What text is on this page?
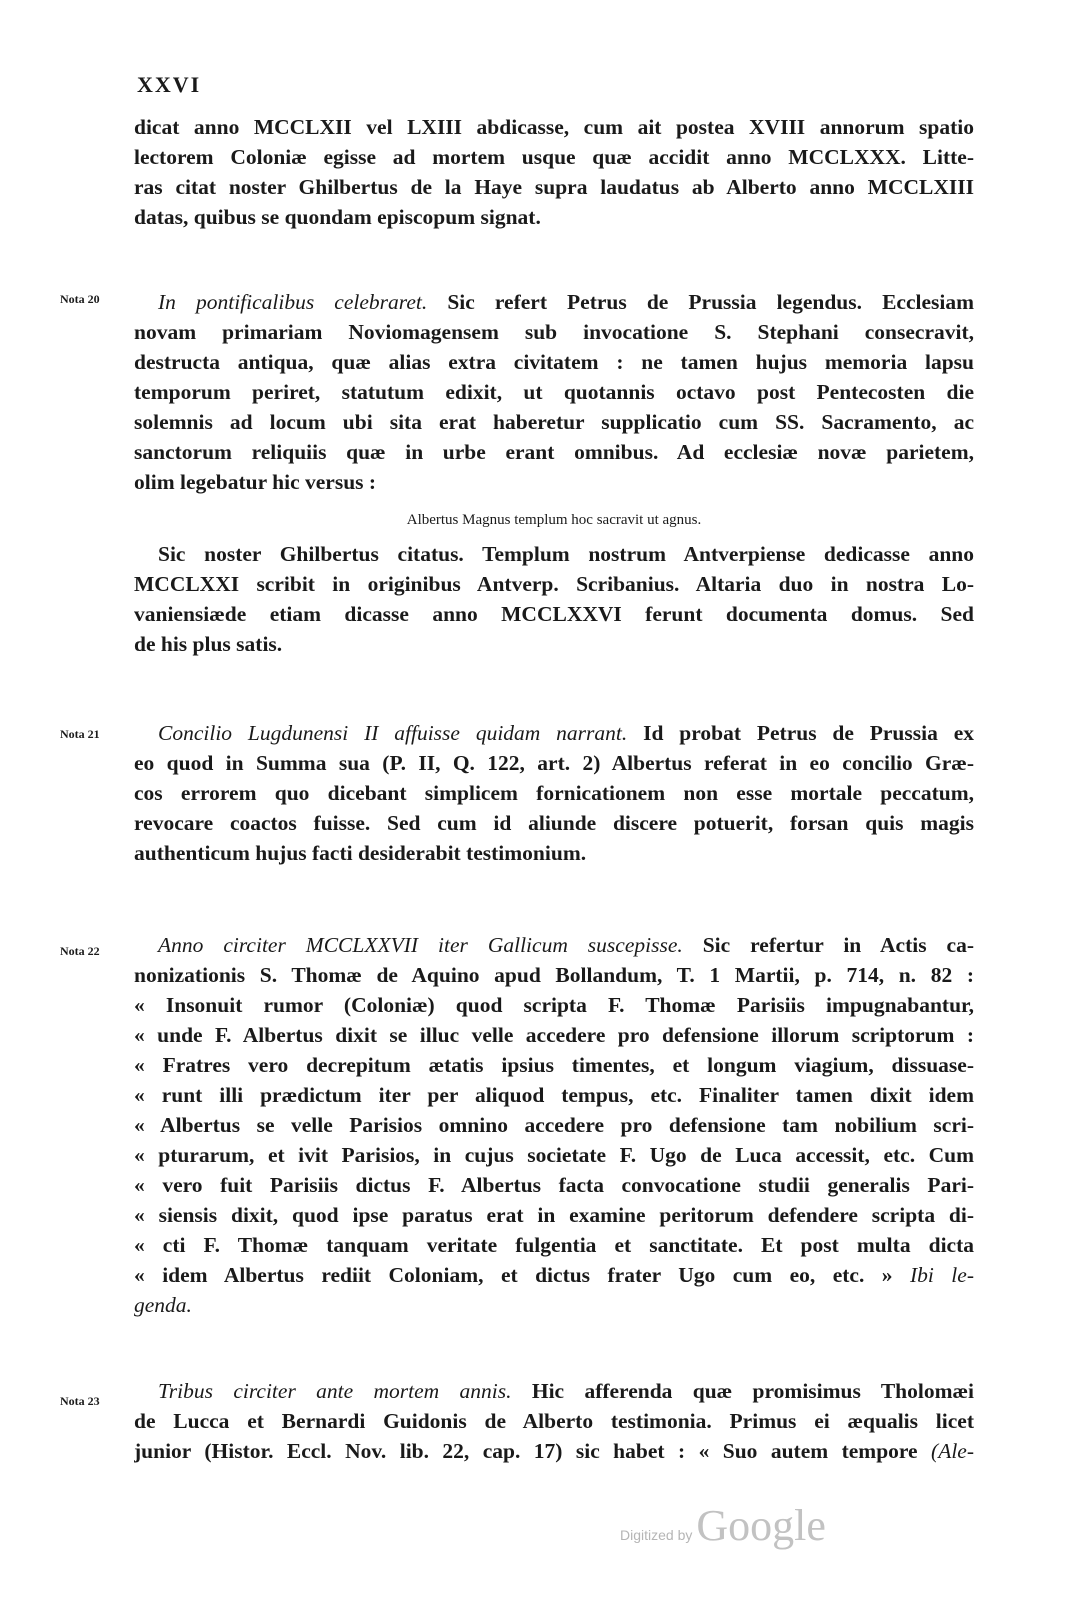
XXVI
dicat anno MCCLXII vel LXIII abdicasse, cum ait postea XVIII annorum spatio
lectorem Coloniæ egisse ad mortem usque quæ accidit anno MCCLXXX. Litte-
ras citat noster Ghilbertus de la Haye supra laudatus ab Alberto anno MCCLXIII
datas, quibus se quondam episcopum signat.
Nota 20	In pontificalibus celebraret. Sic refert Petrus de Prussia legendus. Ecclesiam
novam primariam Noviomagensem sub invocatione S. Stephani consecravit,
destructa antiqua, quæ alias extra civitatem : ne tamen hujus memoria lapsu
temporum periret, statutum edixit, ut quotannis octavo post Pentecosten die
solemnis ad locum ubi sita erat haberetur supplicatio cum SS. Sacramento, ac
sanctorum reliquiis quæ in urbe erant omnibus. Ad ecclesiæ novæ parietem,
olim legebatur hic versus :
Albertus Magnus templum hoc sacravit ut agnus.
Sic noster Ghilbertus citatus. Templum nostrum Antverpiense dedicasse anno
MCCLXXI scribit in originibus Antverp. Scribanius. Altaria duo in nostra Lo-
vaniensiæde etiam dicasse anno MCCLXXVI ferunt documenta domus. Sed
de his plus satis.
Nota 21	Concilio Lugdunensi II affuisse quidam narrant. Id probat Petrus de Prussia ex
eo quod in Summa sua (P. II, Q. 122, art. 2) Albertus referat in eo concilio Græ-
cos errorem quo dicebant simplicem fornicationem non esse mortale peccatum,
revocare coactos fuisse. Sed cum id aliunde discere potuerit, forsan quis magis
authenticum hujus facti desiderabit testimonium.
Nota 22	Anno circiter MCCLXXVII iter Gallicum suscepisse. Sic refertur in Actis ca-
nonizationis S. Thomæ de Aquino apud Bollandum, T. 1 Martii, p. 714, n. 82 :
« Insonuit rumor (Coloniæ) quod scripta F. Thomæ Parisiis impugnabantur,
« unde F. Albertus dixit se illuc velle accedere pro defensione illorum scriptorum :
« Fratres vero decrepitum ætatis ipsius timentes, et longum viagium, dissuase-
« runt illi prædictum iter per aliquod tempus, etc. Finaliter tamen dixit idem
« Albertus se velle Parisios omnino accedere pro defensione tam nobilium scri-
« pturarum, et ivit Parisios, in cujus societate F. Ugo de Luca accessit, etc. Cum
« vero fuit Parisiis dictus F. Albertus facta convocatione studii generalis Pari-
« siensis dixit, quod ipse paratus erat in examine peritorum defendere scripta di-
« cti F. Thomæ tanquam veritate fulgentia et sanctitate. Et post multa dicta
« idem Albertus rediit Coloniam, et dictus frater Ugo cum eo, etc. » Ibi le-
genda.
Nota 23	Tribus circiter ante mortem annis. Hic afferenda quæ promisimus Tholomæi
de Lucca et Bernardi Guidonis de Alberto testimonia. Primus ei æqualis licet
junior (Histor. Eccl. Nov. lib. 22, cap. 17) sic habet : « Suo autem tempore (Ale-
Digitized by Google
